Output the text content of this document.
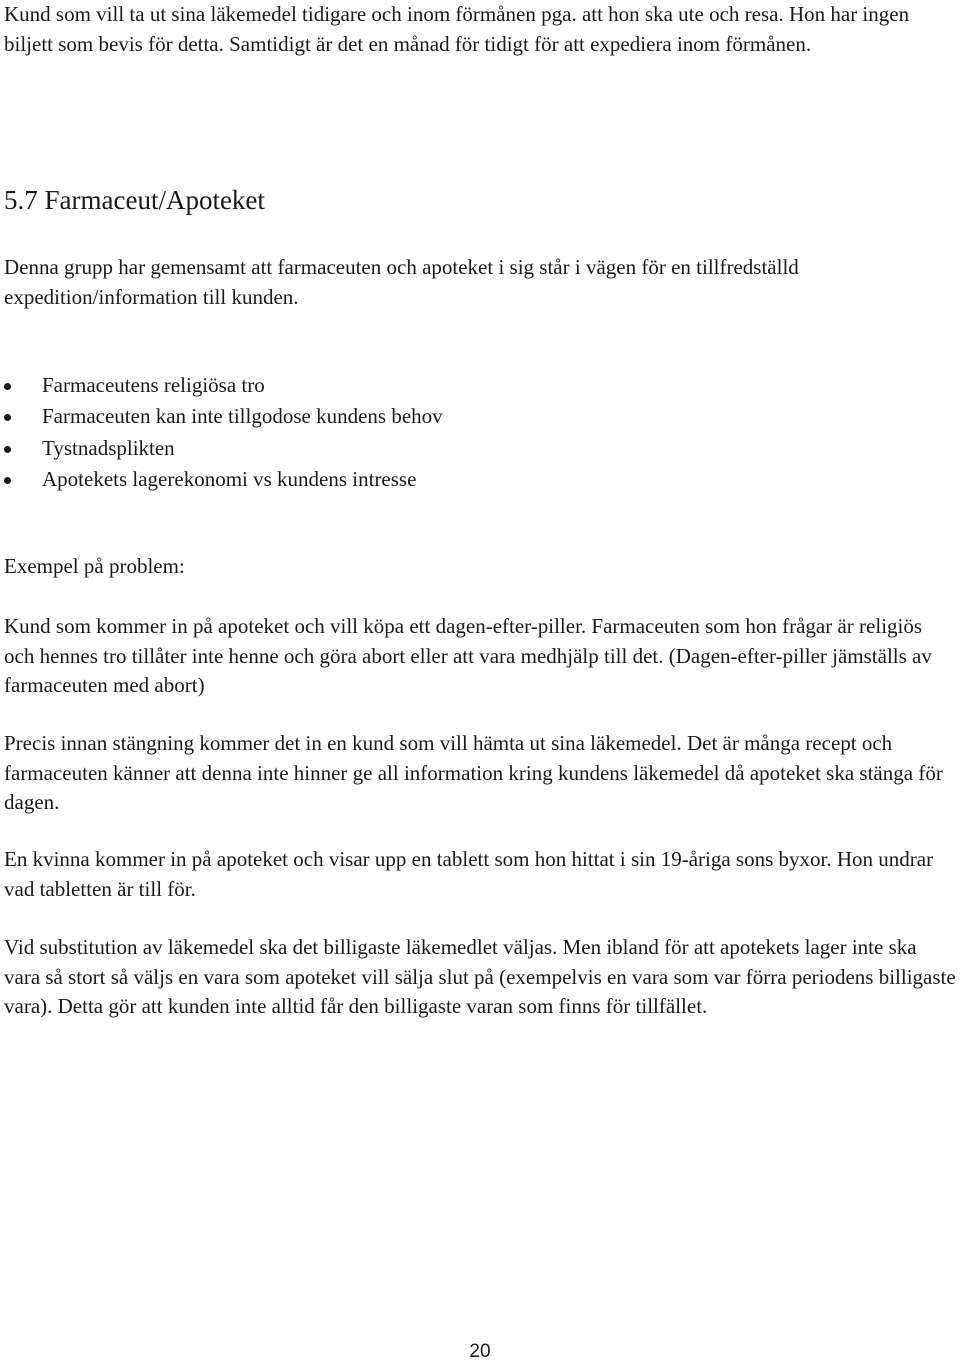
Kund som vill ta ut sina läkemedel tidigare och inom förmånen pga. att hon ska ute och resa. Hon har ingen biljett som bevis för detta. Samtidigt är det en månad för tidigt för att expediera inom förmånen.

5.7 Farmaceut/Apoteket

Denna grupp har gemensamt att farmaceuten och apoteket i sig står i vägen för en tillfredställd expedition/information till kunden.

Farmaceutens religiösa tro
Farmaceuten kan inte tillgodose kundens behov
Tystnadsplikten
Apotekets lagerekonomi vs kundens intresse

Exempel på problem:

Kund som kommer in på apoteket och vill köpa ett dagen-efter-piller. Farmaceuten som hon frågar är religiös och hennes tro tillåter inte henne och göra abort eller att vara medhjälp till det. (Dagen-efter-piller jämställs av farmaceuten med abort)

Precis innan stängning kommer det in en kund som vill hämta ut sina läkemedel. Det är många recept och farmaceuten känner att denna inte hinner ge all information kring kundens läkemedel då apoteket ska stänga för dagen.

En kvinna kommer in på apoteket och visar upp en tablett som hon hittat i sin 19-åriga sons byxor. Hon undrar vad tabletten är till för.

Vid substitution av läkemedel ska det billigaste läkemedlet väljas. Men ibland för att apotekets lager inte ska vara så stort så väljs en vara som apoteket vill sälja slut på (exempelvis en vara som var förra periodens billigaste vara). Detta gör att kunden inte alltid får den billigaste varan som finns för tillfället.

20
